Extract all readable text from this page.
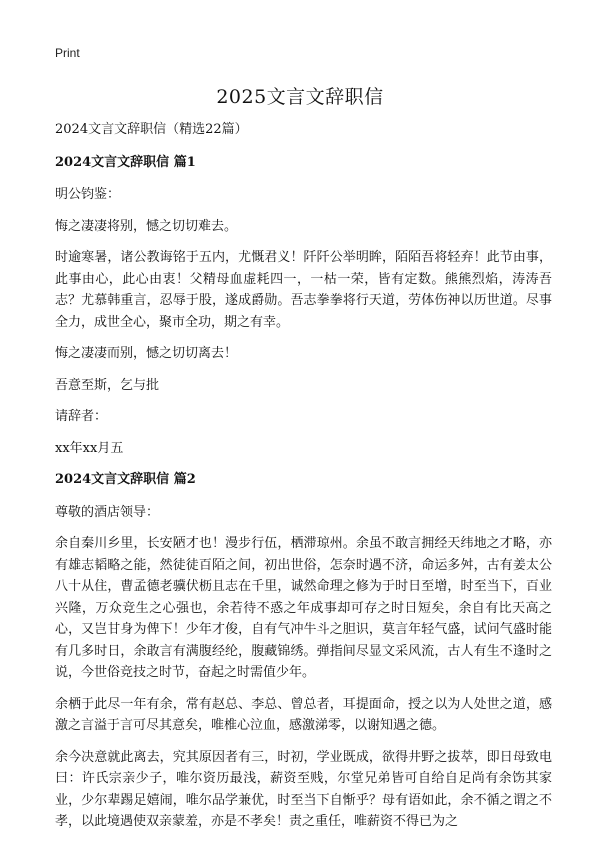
Print
2025文言文辞职信

2024文言文辞职信（精选22篇）

2024文言文辞职信 篇1

明公钧鉴：

悔之凄凄将别，憾之切切难去。

时逾寒暑，诸公教诲铭于五内，尤慨君义！阡阡公举明眸，陌陌吾将轻弃！此节由事，此事由心，此心由衷！父精母血虚耗四一，一枯一荣，皆有定数。熊熊烈焰，涛涛吾志？尤慕韩重言，忍辱于股，遂成爵勋。吾志拳拳将行天道，劳体伤神以历世道。尽事全力，成世全心，聚市全功，期之有幸。

悔之凄凄而别，憾之切切离去！

吾意至斯，乞与批

请辞者：

xx年xx月五

2024文言文辞职信 篇2

尊敬的酒店领导：

余自秦川乡里，长安陋才也！漫步行伍，栖滞琼州。余虽不敢言拥经天纬地之才略，亦有雄志韬略之能，然徒徒百陌之间，初出世俗，怎奈时遇不济，命运多舛，古有姜太公八十从住，曹孟德老骥伏枥且志在千里，诚然命理之修为于时日至增，时至当下，百业兴隆，万众竞生之心强也，余若待不惑之年成事却可存之时日短矣，余自有比天高之心，又岂甘身为俾下！少年才俊，自有气冲牛斗之胆识，莫言年轻气盛，试问气盛时能有几多时日，余敢言有满腹经纶，腹藏锦绣。弹指间尽显文采风流，古人有生不逢时之说，今世俗竞技之时节，奋起之时需值少年。

余栖于此尽一年有余，常有赵总、李总、曾总者，耳提面命，授之以为人处世之道，感激之言溢于言可尽其意矣，唯椎心泣血，感激涕零，以谢知遇之德。

余今决意就此离去，究其原因者有三，时初，学业既成，欲得井野之拔萃，即日母致电曰：许氏宗亲少子，唯尔资历最浅，薪资至贱，尔堂兄弟皆可自给自足尚有余饬其家业，少尔辈踢足嬉闹，唯尔品学兼优，时至当下自惭乎？母有语如此，余不循之谓之不孝，以此境遇使双亲蒙羞，亦是不孝矣！责之重任，唯薪资不得已为之
